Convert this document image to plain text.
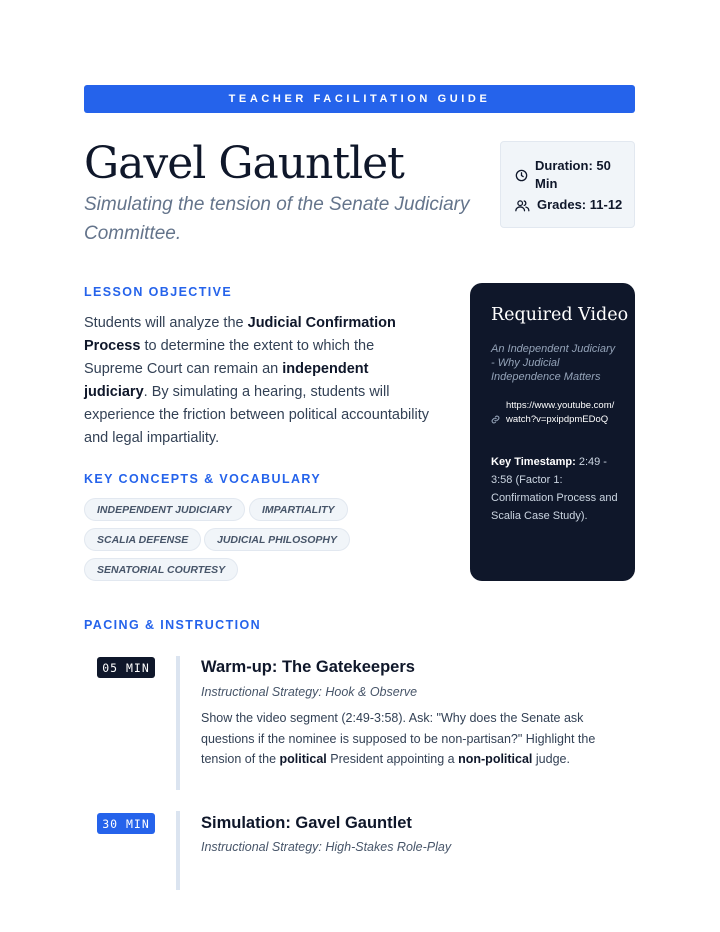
TEACHER FACILITATION GUIDE
Gavel Gauntlet
Simulating the tension of the Senate Judiciary Committee.
Duration: 50 Min
Grades: 11-12
LESSON OBJECTIVE

Students will analyze the Judicial Confirmation Process to determine the extent to which the Supreme Court can remain an independent judiciary. By simulating a hearing, students will experience the friction between political accountability and legal impartiality.

KEY CONCEPTS & VOCABULARY
INDEPENDENT JUDICIARY	IMPARTIALITY
SCALIA DEFENSE	JUDICIAL PHILOSOPHY
SENATORIAL COURTESY
Required Video
An Independent Judiciary - Why Judicial Independence Matters
https://www.youtube.com/watch?v=pxipdpmEDoQ
Key Timestamp: 2:49 - 3:58 (Factor 1: Confirmation Process and Scalia Case Study).
PACING & INSTRUCTION
05 MIN	Warm-up: The Gatekeepers
Instructional Strategy: Hook & Observe

Show the video segment (2:49-3:58). Ask: "Why does the Senate ask questions if the nominee is supposed to be non-partisan?" Highlight the tension of the political President appointing a non-political judge.

30 MIN	Simulation: Gavel Gauntlet
Instructional Strategy: High-Stakes Role-Play
